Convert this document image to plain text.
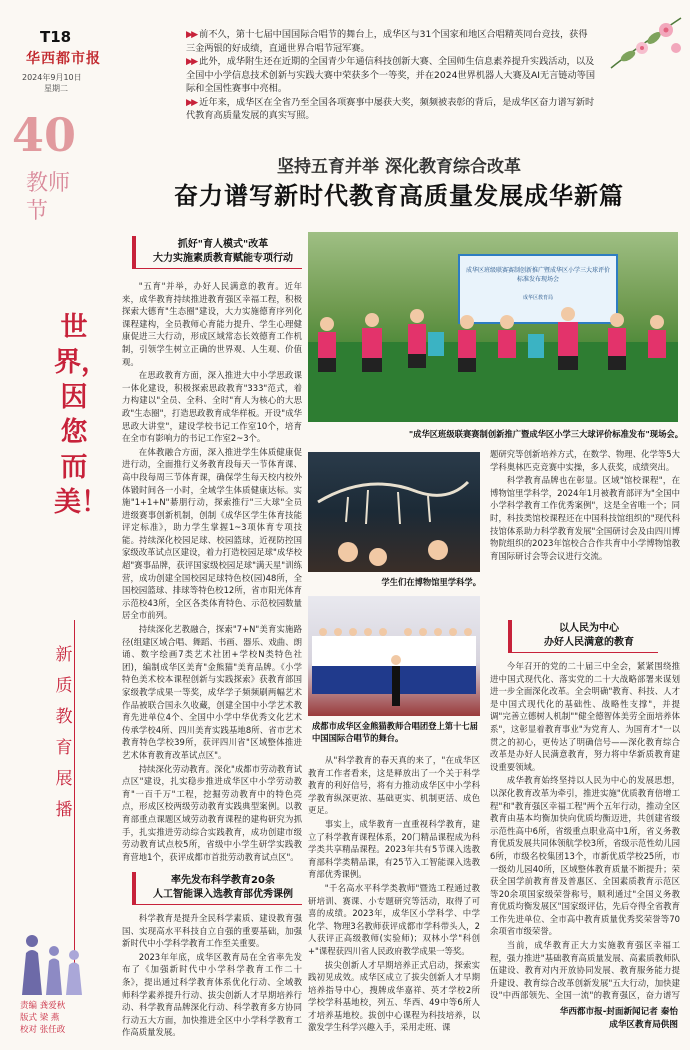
T18
华西都市报
2024年9月10日
星期二
40
教师节
世界，因您而美！
新质教育展播
责编 龚爱秋
版式 梁 燕
校对 张任政

▶▶ 前不久，第十七届中国国际合唱节的舞台上，成华区与31个国家和地区合唱精英同台竞技，获得三金两银的好成绩，直通世界合唱节冠军赛。

▶▶ 此外，成华附生还在近期的全国青少年通信科技创新大赛、全国师生信息素养提升实践活动，以及全国中小学信息技术创新与实践大赛中荣获多个一等奖，并在2024世界机器人大赛及AI无言链动等国际和全国性赛事中亮相。

▶▶ 近年来，成华区在全省乃至全国各项赛事中屡获大奖，频频被表彰的背后，是成华区奋力谱写新时代教育高质量发展的真实写照。

坚持五育并举 深化教育综合改革
奋力谱写新时代教育高质量发展成华新篇
抓好"育人模式"改革
大力实施素质教育赋能专项行动

"五育"并举，办好人民满意的教育。近年来，成华教育持续推进教育强区幸福工程，积极探索大德育"生态圈"建设，大力实施德育序列化课程建构，全员教师心育能力提升、学生心理健康促进三大行动，形成区域常态长效德育工作机制，引领学生树立正确的世界观、人生观、价值观。

在思政教育方面，深入推进大中小学思政课一体化建设，积极探索思政教育"333"范式，着力构建以"全员、全科、全时"育人为核心的大思政"生态圈"，打造思政教育成华样板。开设"成华思政大讲堂"，建设学校书记工作室10个，培育在全市有影响力的书记工作室2~3个。

在体教融合方面，深入推进学生体质健康促进行动，全面推行义务教育段每天一节体育课、高中段每周三节体育课，确保学生每天校内校外体锻时间各一小时，全域学生体质健康达标。实施"1+1+N"綦朋行动，探索推行"三大球"全员进级赛事创新机制，创制《成华区学生体育技能评定标准》，助力学生掌握1~3项体育专项技能。持续深化校园足球、校园篮球，近视防控国家级改革试点区建设，着力打造校园足球"成华校超"赛事品牌，获评国家级校园足球"满天星"训练营，成功创建全国校园足球特色校(园)48所，全国校园篮球、排球等特色校12所，省市阳光体育示范校43所，全区各类体育特色、示范校园数量居全市前列。

持续深化艺教融合，探索"7+N"美育实施路径(组建区域合唱、舞蹈、书画、器乐、戏曲、朗诵、数字绘画7类艺术社团+学校N类特色社团)，编制成华区美育"金熊猫"美育品牌。《小学特色美术校本课程创新与实践探索》获教育部国家级教学成果一等奖，成华学子频频刷两幅艺术作品被联合国永久收藏，创建全国中小学艺术教育先进单位4个、全国中小学中华优秀文化艺术传承学校4所、四川美育实践基地8所、省市艺术教育特色学校39所，获评四川省"区域整体推进艺术体育教育改革试点区"。

持续深化劳动教育。深化"成都市劳动教育试点区"建设，扎实稳步推进成华区中小学劳动教育"一百千万"工程，挖掘劳动教育中的特色亮点，形成区校两级劳动教育实践典型案例。以教育部重点课题区域劳动教育课程的建构研究为抓手，扎实推进劳动综合实践教育，成功创建市级劳动教育试点校5所，省级中小学生研学实践教育营地1个，获评成都市首批劳动教育试点区"。

成华区班级联赛赛制创新推广暨成华区小学三大球评价标准发布现场会
成华区教育局
"成华区班级联赛赛制创新推广暨成华区小学三大球评价标准发布"现场会。
学生们在博物馆里学科学。

题研究等创新培养方式，在数学、物理、化学等5大学科奥林匹克竞赛中实操，多人获奖，成绩突出。

科学教育品牌也在彰显。区域"馆校课程"，在博物馆里学科学，2024年1月被教育部评为"全国中小学科学教育工作优秀案例"，这是全省唯一个；同时，科技类馆校课程还在中国科技馆组织的"现代科技馆体系助力科学教育发展"全国研讨会及由四川博物院组织的2023年馆校合合作共育中小学博物馆教育国际研讨会等会议进行交流。

成都市成华区金熊猫教师合唱团登上第十七届中国国际合唱节的舞台。
以人民为中心
办好人民满意的教育

今年召开的党的二十届三中全会，紧紧围绕推进中国式现代化、落实党的二十大战略部署来谋划进一步全面深化改革。全会明确"教育、科技、人才是中国式现代化的基础性、战略性支撑"，并提调"完善立德树人机制""健全德智体美劳全面培养体系"，这彰显着教育事业"为党育人、为国育才"一以贯之的初心，更传达了明确信号——深化教育综合改革是办好人民满意教育，努力将中华新质教育建设重要领域。

成华教育始终坚持以人民为中心的发展思想，以深化教育改革为牵引，推进实施"优质教育倍增工程"和"教育强区幸福工程"两个五年行动，推动全区教育由基本均衡加快向优质均衡迈进，共创建省级示范性高中6所，省级重点职业高中1所，省义务教育优质发展共同体领航学校3所，省级示范性幼儿园6所，市级名校集团13个，市新优质学校25所，市一级幼儿园40所，区域整体教育质量不断提升；荣获全国学前教育普及普惠区、全国素质教育示范区等20余项国家级荣誉称号，顺利通过"全国义务教育优质均衡发展区"国家级评估，先后夺得全省教育工作先进单位、全市高中教育质量优秀奖荣誉等70余项省市级荣誉。

当前，成华教育正大力实施教育强区幸福工程，强力推进"基础教育高质量发展、高素质教师队伍建设、教育对内开放协同发展、教育服务能力提升建设、教育综合改革创新发展"五大行动，加快建设"中西部领先、全国一流"的教育强区，奋力谱写

从"科学教育的春天真的来了，"在成华区教育工作者看来，这是释放出了一个关于科学教育的利好信号，将有力推动成华区中小学科学教育纵深更浓、基础更实、机制更活、成色更足。

事实上，成华教育一直重视科学教育，建立了科学教育课程体系，20门精品课程成为科学类共享精品课程。2023年共有5节课入选教育部科学类精品课，有25节入工智能课入选教育部优秀课例。

"千名高水平科学类教师"暨选工程通过教研培训、赛课、小专题研究等活动，取得了可喜的成绩。2023年，成华区小学科学、中学化学、物理3名教师获评成都市学科带头人，2人获评正高级教师(实验师)；双林小学"科创+"课程获四川省人民政府教学成果一等奖。

拔尖创新人才早期培养正式启动，探索实践初见成效。成华区成立了拔尖创新人才早期培养指导中心，搜牌成华嘉祥、英才学校2所学校学科基地校，列五、华西、49中等6所人才培养基地校。拔创中心课程为科技培养，以激发学生科学兴趣入手，采用走班、课

率先发布科学教育20条
人工智能课入选教育部优秀课例

科学教育是提升全民科学素质、建设教育强国、实现高水平科技自立自强的重要基础，加强新时代中小学科学教育工作至关重要。

2023年年底，成华区教育局在全省率先发布了《加强新时代中小学科学教育工作二十条》，提出通过科学教育体系优化行动、全域教师科学素养提升行动、拔尖创新人才早期培养行动、科学教育品牌深化行动、科学教育多方协同行动五大方面，加快推进全区中小学科学教育工作高质量发展。

华西都市报-封面新闻记者 秦怡
成华区教育局供图
